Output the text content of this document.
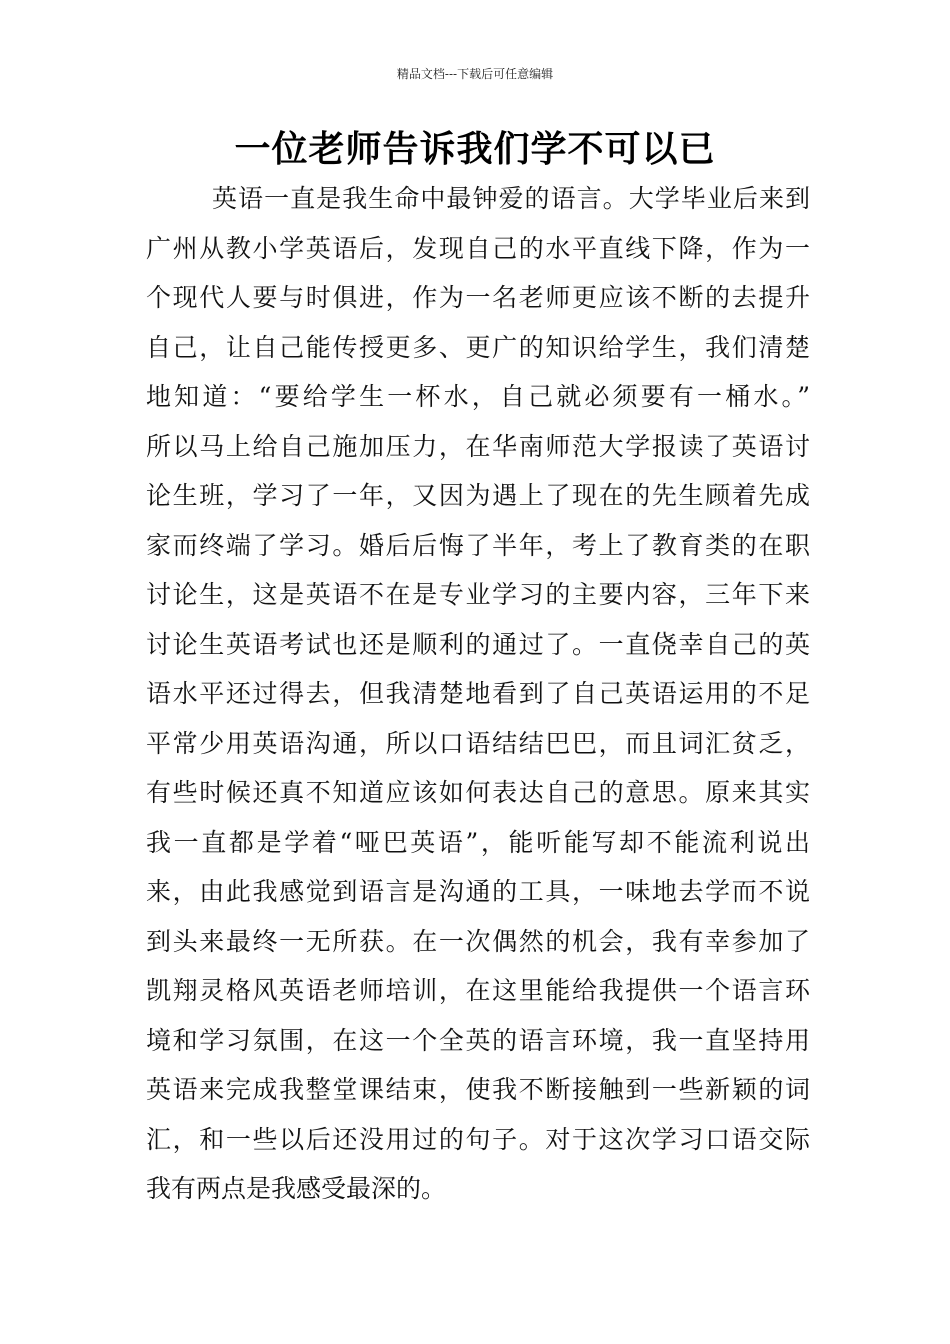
精品文档---下载后可任意编辑
一位老师告诉我们学不可以已
英语一直是我生命中最钟爱的语言。大学毕业后来到
广州从教小学英语后，发现自己的水平直线下降，作为一
个现代人要与时俱进，作为一名老师更应该不断的去提升
自己，让自己能传授更多、更广的知识给学生，我们清楚
地知道：“要给学生一杯水，自己就必须要有一桶水。”
所以马上给自己施加压力，在华南师范大学报读了英语讨
论生班，学习了一年，又因为遇上了现在的先生顾着先成
家而终端了学习。婚后后悔了半年，考上了教育类的在职
讨论生，这是英语不在是专业学习的主要内容，三年下来
讨论生英语考试也还是顺利的通过了。一直侥幸自己的英
语水平还过得去，但我清楚地看到了自己英语运用的不足
平常少用英语沟通，所以口语结结巴巴，而且词汇贫乏，
有些时候还真不知道应该如何表达自己的意思。原来其实
我一直都是学着“哑巴英语”，能听能写却不能流利说出
来，由此我感觉到语言是沟通的工具，一味地去学而不说
到头来最终一无所获。在一次偶然的机会，我有幸参加了
凯翔灵格风英语老师培训，在这里能给我提供一个语言环
境和学习氛围，在这一个全英的语言环境，我一直坚持用
英语来完成我整堂课结束，使我不断接触到一些新颖的词
汇，和一些以后还没用过的句子。对于这次学习口语交际
我有两点是我感受最深的。
